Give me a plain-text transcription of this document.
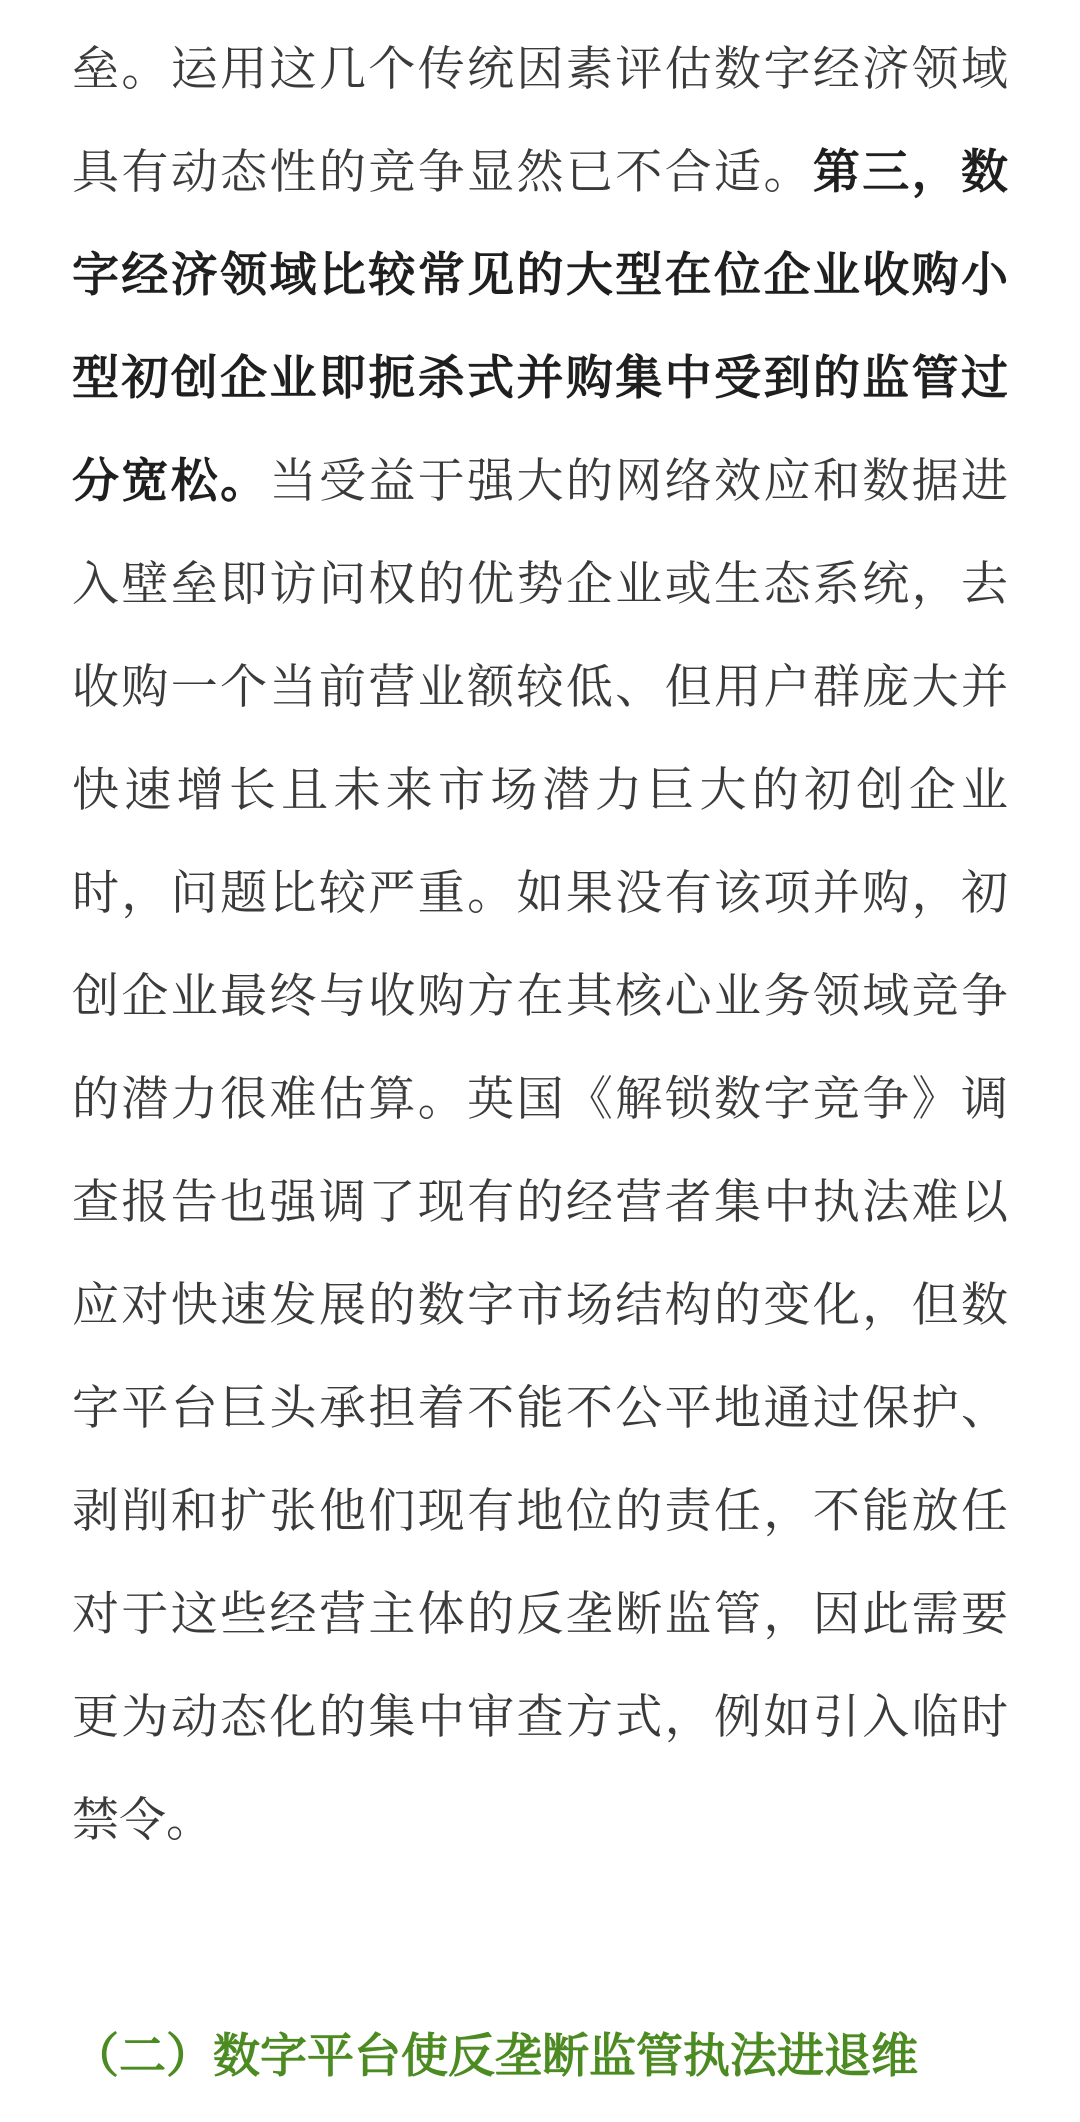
垒。运用这几个传统因素评估数字经济领域具有动态性的竞争显然已不合适。第三，数字经济领域比较常见的大型在位企业收购小型初创企业即扼杀式并购集中受到的监管过分宽松。当受益于强大的网络效应和数据进入壁垒即访问权的优势企业或生态系统，去收购一个当前营业额较低、但用户群庞大并快速增长且未来市场潜力巨大的初创企业时，问题比较严重。如果没有该项并购，初创企业最终与收购方在其核心业务领域竞争的潜力很难估算。英国《解锁数字竞争》调查报告也强调了现有的经营者集中执法难以应对快速发展的数字市场结构的变化，但数字平台巨头承担着不能不公平地通过保护、剥削和扩张他们现有地位的责任，不能放任对于这些经营主体的反垄断监管，因此需要更为动态化的集中审查方式，例如引入临时禁令。

（二）数字平台使反垄断监管执法进退维
